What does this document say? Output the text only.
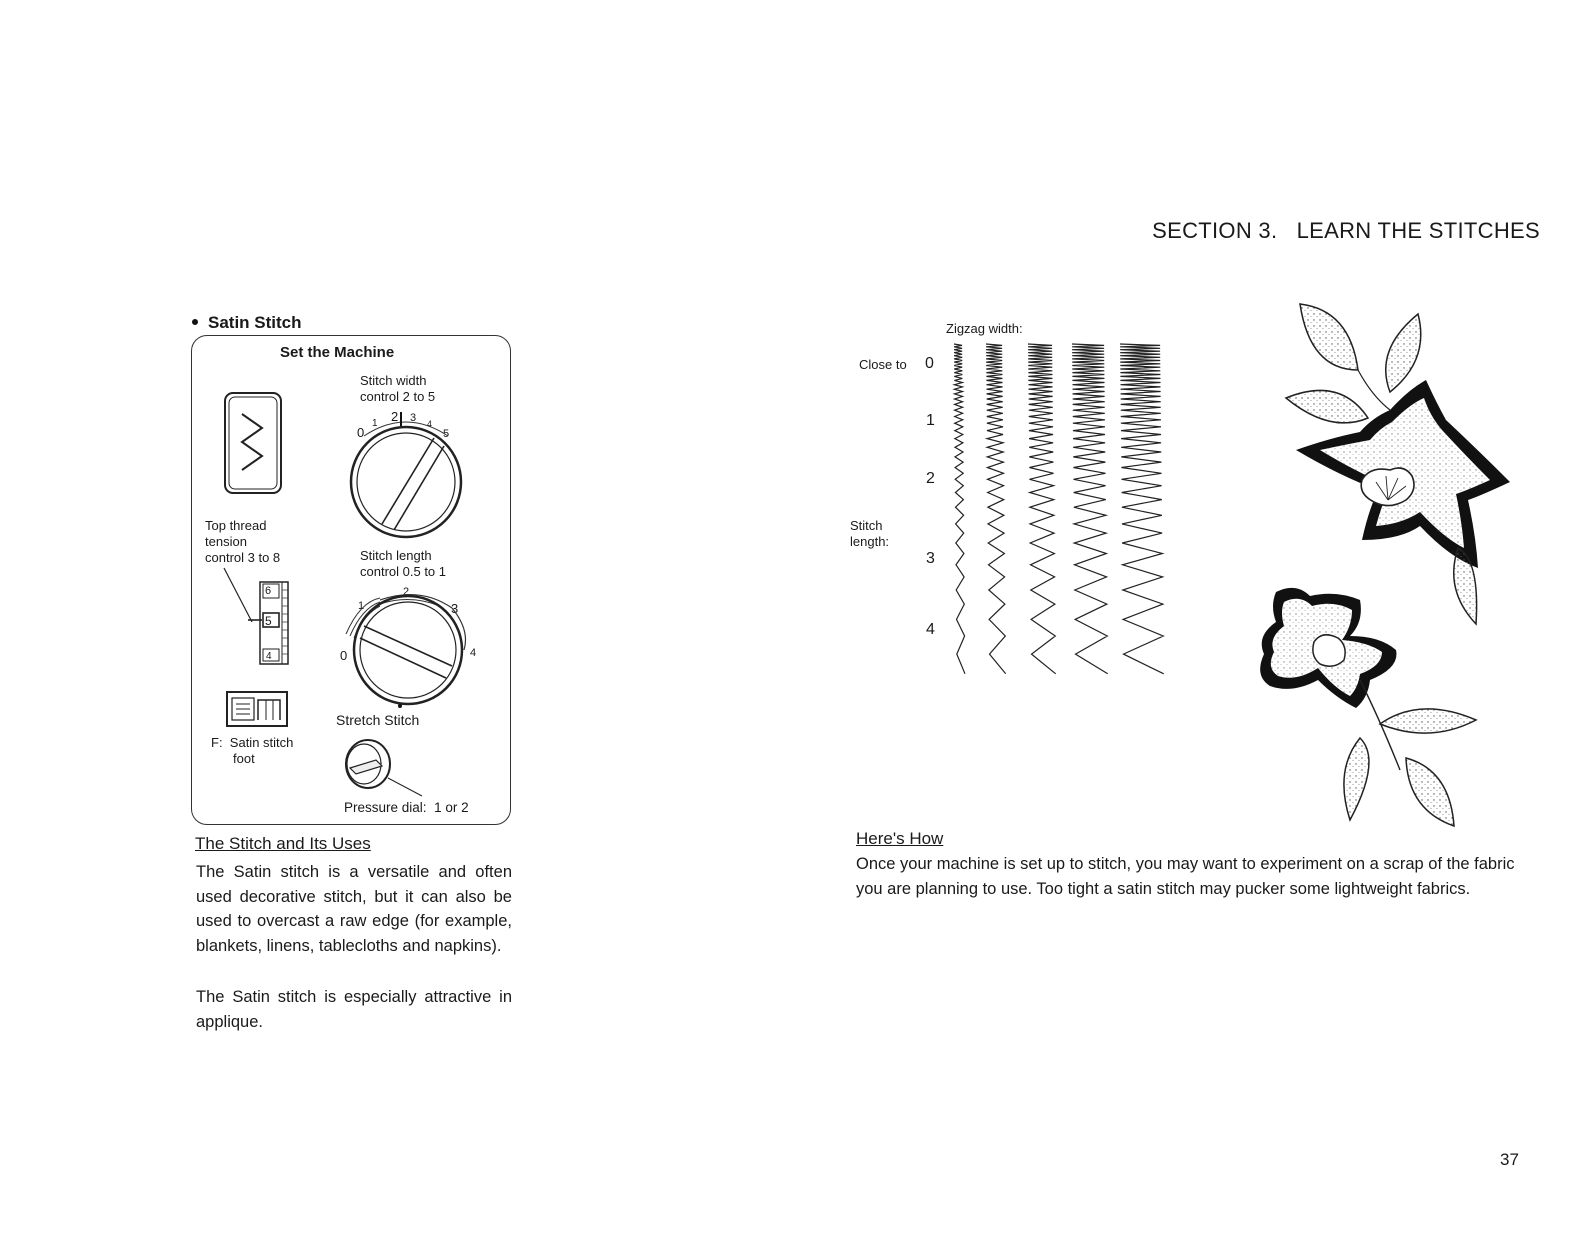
SECTION 3. LEARN THE STITCHES
Satin Stitch
Set the Machine
Stitch width
control 2 to 5
0
1 2 3 4
5
Top thread
tension
control 3 to 8
6
5
4
Stitch length
control 0.5 to 1
0
1
2
3
4
Stretch Stitch
F: Satin stitch
foot
Pressure dial: 1 or 2
The Stitch and Its Uses
The Satin stitch is a versatile and often used decorative stitch, but it can also be used to overcast a raw edge (for example, blankets, linens, tablecloths and napkins).
The Satin stitch is especially attractive in applique.
Zigzag width:
Close to
Stitch
length:
0
1
2
3
4
Here's How
Once your machine is set up to stitch, you may want to experiment on a scrap of the fabric you are planning to use. Too tight a satin stitch may pucker some lightweight fabrics.
37
